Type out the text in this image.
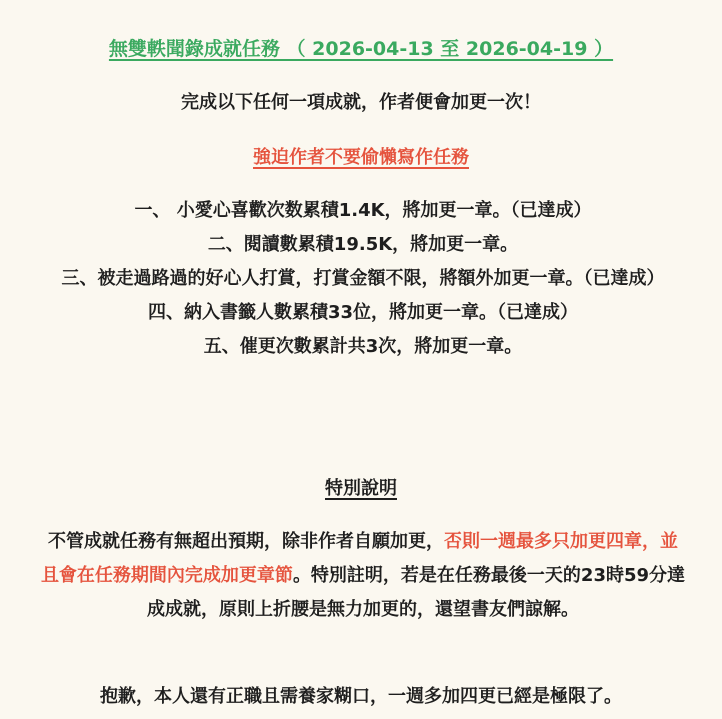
無雙軼聞錄成就任務 （ 2026-04-13 至 2026-04-19 ）
完成以下任何一項成就，作者便會加更一次！
強迫作者不要偷懶寫作任務

一、 小愛心喜歡次数累積1.4K，將加更一章。（已達成）

二、閱讀數累積19.5K，將加更一章。

三、被走過路過的好心人打賞，打賞金額不限，將額外加更一章。（已達成）

四、納入書籤人數累積33位，將加更一章。（已達成）

五、催更次數累計共3次，將加更一章。

特別說明
不管成就任務有無超出預期，除非作者自願加更，否則一週最多只加更四章，並且會在任務期間內完成加更章節。特別註明，若是在任務最後一天的23時59分達成成就，原則上折腰是無力加更的，還望書友們諒解。
抱歉，本人還有正職且需養家糊口，一週多加四更已經是極限了。
